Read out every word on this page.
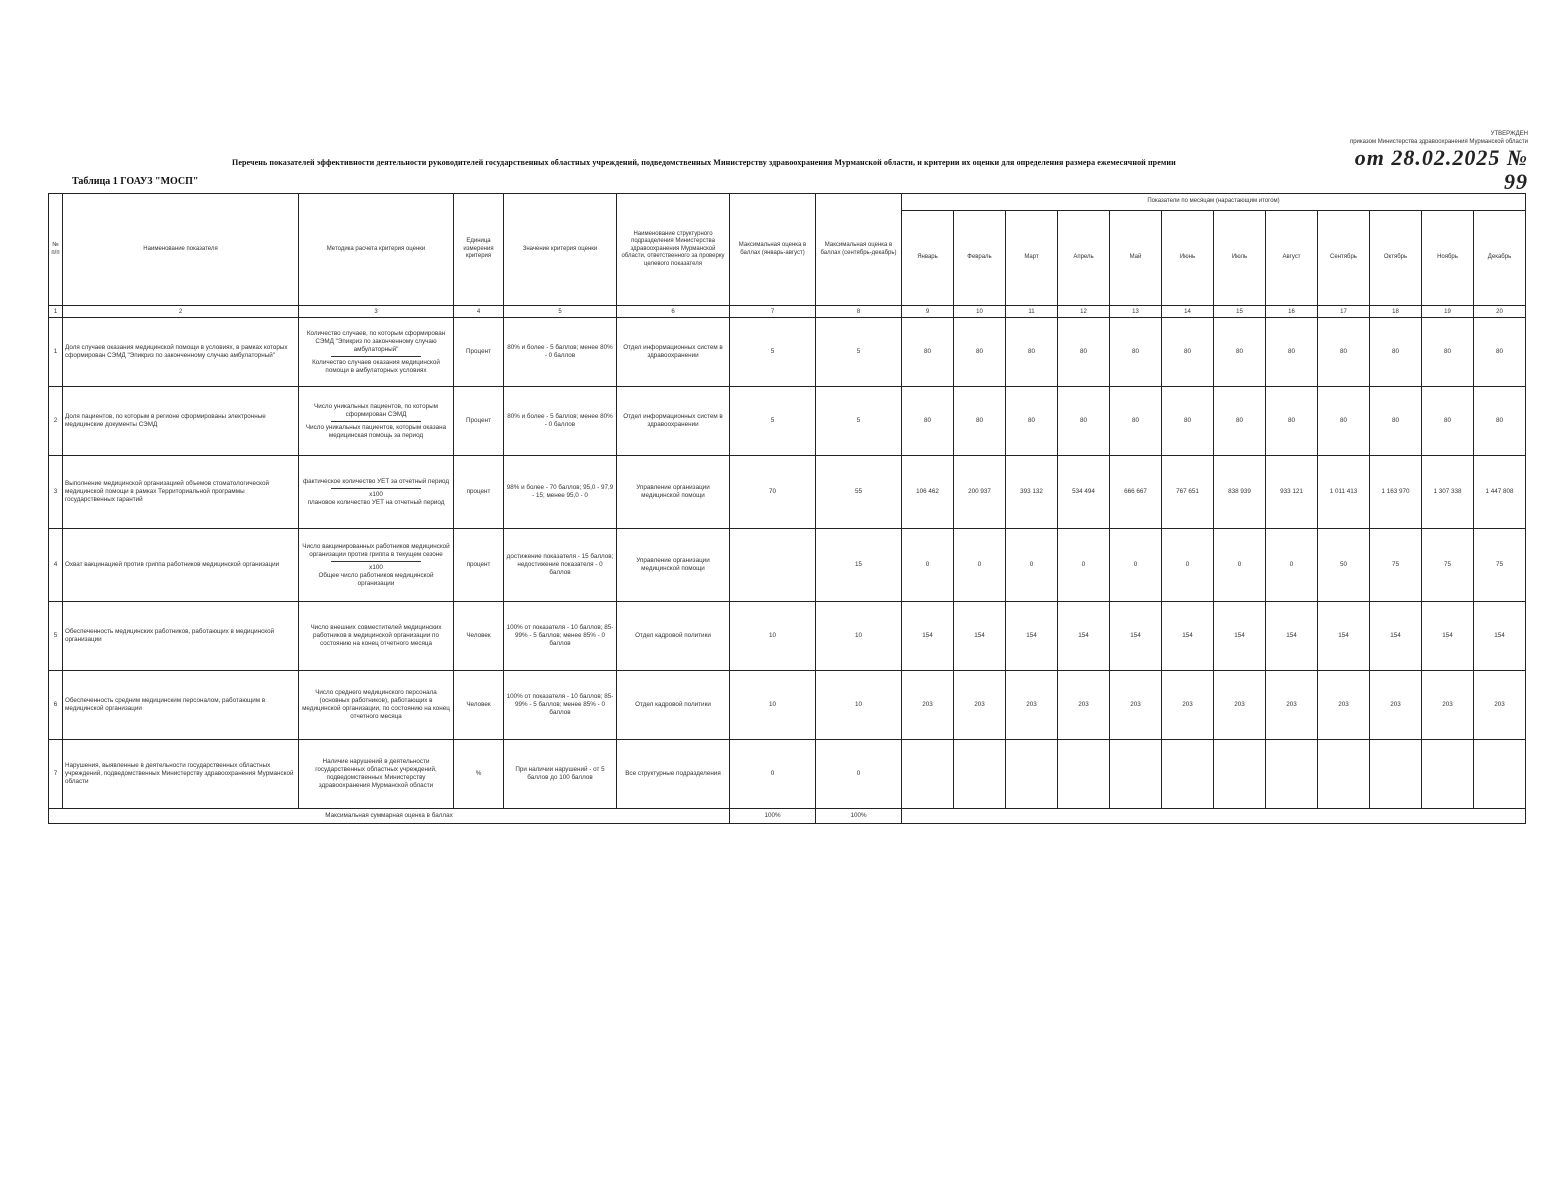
УТВЕРЖДЕН
приказом Министерства здравоохранения Мурманской области
от 28.02.2025 № 99
Перечень показателей эффективности деятельности руководителей государственных областных учреждений, подведомственных Министерству здравоохранения Мурманской области, и критерии их оценки для определения размера ежемесячной премии
Таблица 1 ГОАУЗ "МОСП"
№ п/п	Наименование показателя	Методика расчета критерия оценки	Единица измерения критерия	Значение критерия оценки	Наименование структурного подразделения Министерства здравоохранения Мурманской области, ответственного за проверку целевого показателя	Максимальная оценка в баллах (январь-август)	Максимальная оценка в баллах (сентябрь-декабрь)	Показатели по месяцам (нарастающим итогом)											
								Январь	Февраль	Март	Апрель	Май	Июнь	Июль	Август	Сентябрь	Октябрь	Ноябрь	Декабрь
1	2	3	4	5	6	7	8	9	10	11	12	13	14	15	16	17	18	19	20
1	Доля случаев оказания медицинской помощи в условиях, в рамках которых сформирован СЭМД "Эпикриз по законченному случаю амбулаторный"	Количество случаев, по которым сформирован СЭМД "Эпикриз по законченному случаю амбулаторный"
Количество случаев оказания медицинской помощи в амбулаторных условиях	Процент	80% и более - 5 баллов; менее 80% - 0 баллов	Отдел информационных систем в здравоохранении	5	5	80	80	80	80	80	80	80	80	80	80	80	80
2	Доля пациентов, по которым в регионе сформированы электронные медицинские документы СЭМД	Число уникальных пациентов, по которым сформирован СЭМД
Число уникальных пациентов, которым оказана медицинская помощь за период	Процент	80% и более - 5 баллов; менее 80% - 0 баллов	Отдел информационных систем в здравоохранении	5	5	80	80	80	80	80	80	80	80	80	80	80	80
3	Выполнение медицинской организацией объемов стоматологической медицинской помощи в рамках Территориальной программы государственных гарантий	фактическое количество УЕТ за отчетный период
x100
плановое количество УЕТ на отчетный период	процент	98% и более - 70 баллов; 95,0 - 97,9 - 15; менее 95,0 - 0	Управление организации медицинской помощи	70	55	106 462	200 937	393 132	534 494	666 667	767 651	838 939	933 121	1 011 413	1 163 970	1 307 338	1 447 808
4	Охват вакцинацией против гриппа работников медицинской организации	Число вакцинированных работников медицинской организации против гриппа в текущем сезоне
x100
Общее число работников медицинской организации	процент	достижение показателя - 15 баллов; недостижение показателя - 0 баллов	Управление организации медицинской помощи		15	0	0	0	0	0	0	0	0	50	75	75	75
5	Обеспеченность медицинских работников, работающих в медицинской организации	Число внешних совместителей медицинских работников в медицинской организации по состоянию на конец отчетного месяца	Человек	100% от показателя - 10 баллов; 85-99% - 5 баллов; менее 85% - 0 баллов	Отдел кадровой политики	10	10	154	154	154	154	154	154	154	154	154	154	154	154
6	Обеспеченность средним медицинским персоналом, работающим в медицинской организации	Число среднего медицинского персонала (основных работников), работающих в медицинской организации, по состоянию на конец отчетного месяца	Человек	100% от показателя - 10 баллов; 85-99% - 5 баллов; менее 85% - 0 баллов	Отдел кадровой политики	10	10	203	203	203	203	203	203	203	203	203	203	203	203
7	Нарушения, выявленные в деятельности государственных областных учреждений, подведомственных Министерству здравоохранения Мурманской области	Наличие нарушений в деятельности государственных областных учреждений, подведомственных Министерству здравоохранения Мурманской области	%	При наличии нарушений - от 5 баллов до 100 баллов	Все структурные подразделения	0	0												
Максимальная суммарная оценка в баллах						100%	100%												
